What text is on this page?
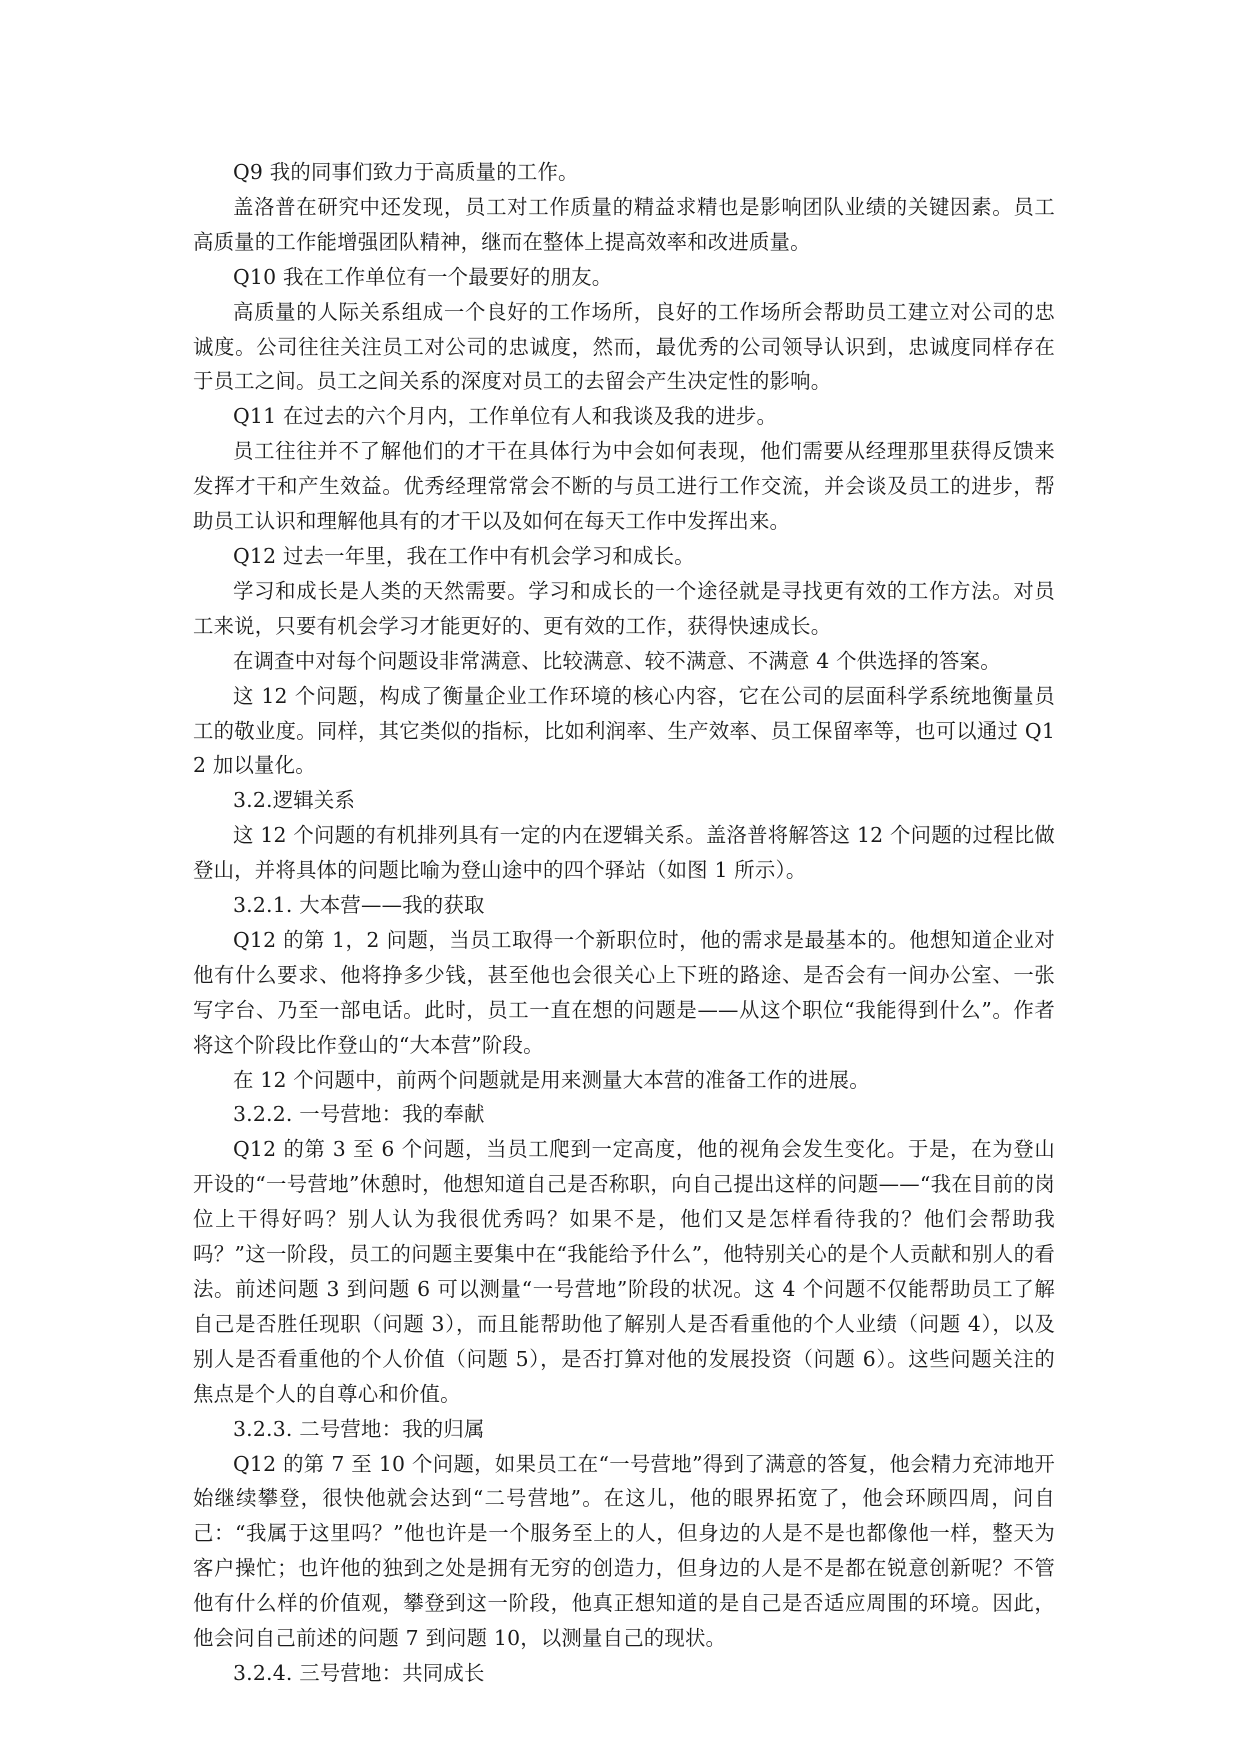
Q9 我的同事们致力于高质量的工作。

盖洛普在研究中还发现，员工对工作质量的精益求精也是影响团队业绩的关键因素。员工高质量的工作能增强团队精神，继而在整体上提高效率和改进质量。

Q10 我在工作单位有一个最要好的朋友。

高质量的人际关系组成一个良好的工作场所，良好的工作场所会帮助员工建立对公司的忠诚度。公司往往关注员工对公司的忠诚度，然而，最优秀的公司领导认识到，忠诚度同样存在于员工之间。员工之间关系的深度对员工的去留会产生决定性的影响。

Q11 在过去的六个月内，工作单位有人和我谈及我的进步。

员工往往并不了解他们的才干在具体行为中会如何表现，他们需要从经理那里获得反馈来发挥才干和产生效益。优秀经理常常会不断的与员工进行工作交流，并会谈及员工的进步，帮助员工认识和理解他具有的才干以及如何在每天工作中发挥出来。

Q12 过去一年里，我在工作中有机会学习和成长。

学习和成长是人类的天然需要。学习和成长的一个途径就是寻找更有效的工作方法。对员工来说，只要有机会学习才能更好的、更有效的工作，获得快速成长。

在调查中对每个问题设非常满意、比较满意、较不满意、不满意 4 个供选择的答案。

这 12 个问题，构成了衡量企业工作环境的核心内容，它在公司的层面科学系统地衡量员工的敬业度。同样，其它类似的指标，比如利润率、生产效率、员工保留率等，也可以通过 Q12 加以量化。

3.2.逻辑关系

这 12 个问题的有机排列具有一定的内在逻辑关系。盖洛普将解答这 12 个问题的过程比做登山，并将具体的问题比喻为登山途中的四个驿站（如图 1 所示）。

3.2.1. 大本营——我的获取

Q12 的第 1，2 问题，当员工取得一个新职位时，他的需求是最基本的。他想知道企业对他有什么要求、他将挣多少钱，甚至他也会很关心上下班的路途、是否会有一间办公室、一张写字台、乃至一部电话。此时，员工一直在想的问题是——从这个职位“我能得到什么”。作者将这个阶段比作登山的“大本营”阶段。

在 12 个问题中，前两个问题就是用来测量大本营的准备工作的进展。

3.2.2. 一号营地：我的奉献

Q12 的第 3 至 6 个问题，当员工爬到一定高度，他的视角会发生变化。于是，在为登山开设的“一号营地”休憩时，他想知道自己是否称职，向自己提出这样的问题——“我在目前的岗位上干得好吗？别人认为我很优秀吗？如果不是，他们又是怎样看待我的？他们会帮助我吗？”这一阶段，员工的问题主要集中在“我能给予什么”，他特别关心的是个人贡献和别人的看法。前述问题 3 到问题 6 可以测量“一号营地”阶段的状况。这 4 个问题不仅能帮助员工了解自己是否胜任现职（问题 3），而且能帮助他了解别人是否看重他的个人业绩（问题 4），以及别人是否看重他的个人价值（问题 5），是否打算对他的发展投资（问题 6）。这些问题关注的焦点是个人的自尊心和价值。

3.2.3. 二号营地：我的归属

Q12 的第 7 至 10 个问题，如果员工在“一号营地”得到了满意的答复，他会精力充沛地开始继续攀登，很快他就会达到“二号营地”。在这儿，他的眼界拓宽了，他会环顾四周，问自己：“我属于这里吗？”他也许是一个服务至上的人，但身边的人是不是也都像他一样，整天为客户操忙；也许他的独到之处是拥有无穷的创造力，但身边的人是不是都在锐意创新呢？不管他有什么样的价值观，攀登到这一阶段，他真正想知道的是自己是否适应周围的环境。因此，他会问自己前述的问题 7 到问题 10，以测量自己的现状。

3.2.4. 三号营地：共同成长
